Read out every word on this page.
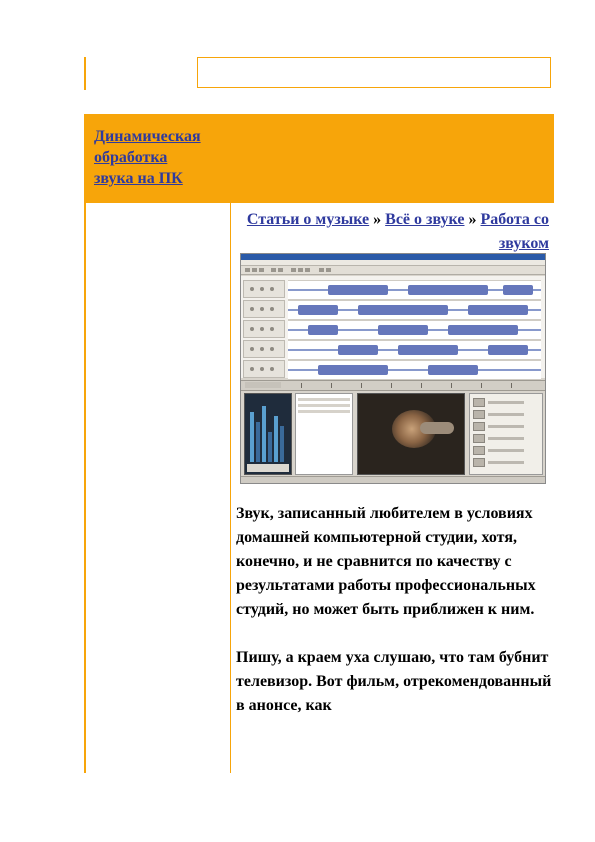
Динамическая
обработка
звука на ПК
Статьи о музыке » Всё о звуке » Работа со звуком

Звук, записанный любителем в условиях домашней компьютерной студии, хотя, конечно, и не сравнится по качеству с результатами работы профессиональных студий, но может быть приближен к ним.

Пишу, а краем уха слушаю, что там бубнит телевизор. Вот фильм, отрекомендованный в анонсе, как
